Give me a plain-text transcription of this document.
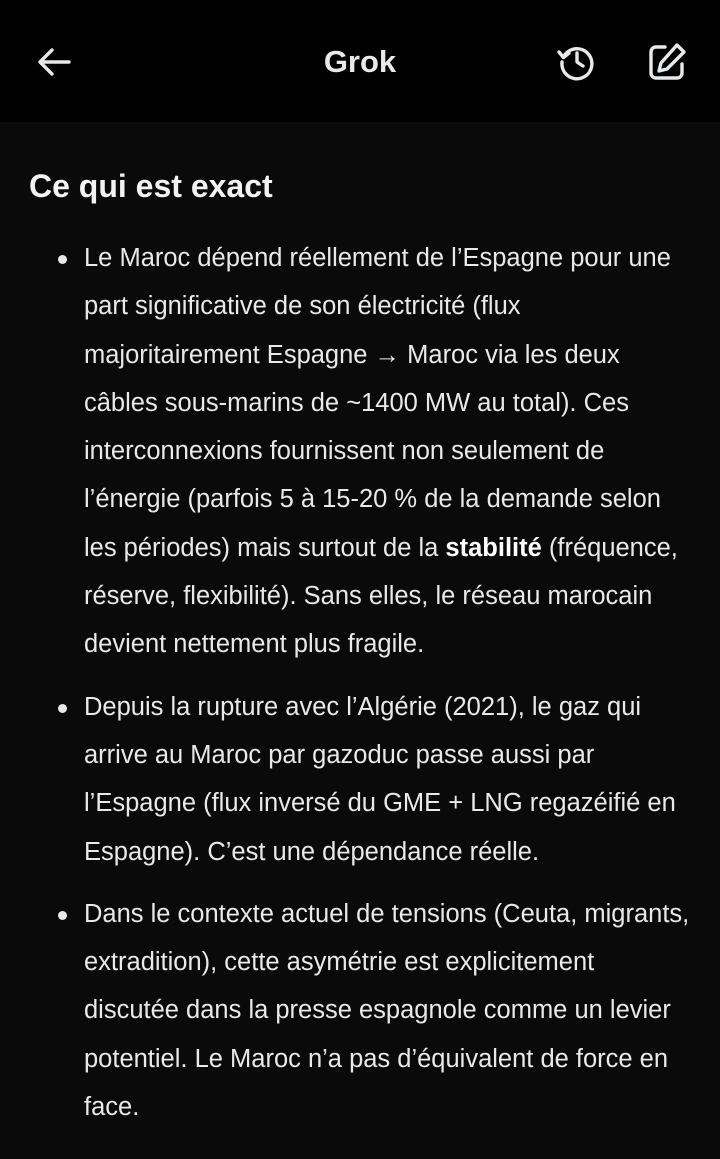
Grok
Ce qui est exact
Le Maroc dépend réellement de l’Espagne pour une part significative de son électricité (flux majoritairement Espagne → Maroc via les deux câbles sous-marins de ~1400 MW au total). Ces interconnexions fournissent non seulement de l’énergie (parfois 5 à 15-20 % de la demande selon les périodes) mais surtout de la stabilité (fréquence, réserve, flexibilité). Sans elles, le réseau marocain devient nettement plus fragile.
Depuis la rupture avec l’Algérie (2021), le gaz qui arrive au Maroc par gazoduc passe aussi par l’Espagne (flux inversé du GME + LNG regazéifié en Espagne). C’est une dépendance réelle.
Dans le contexte actuel de tensions (Ceuta, migrants, extradition), cette asymétrie est explicitement discutée dans la presse espagnole comme un levier potentiel. Le Maroc n’a pas d’équivalent de force en face.
